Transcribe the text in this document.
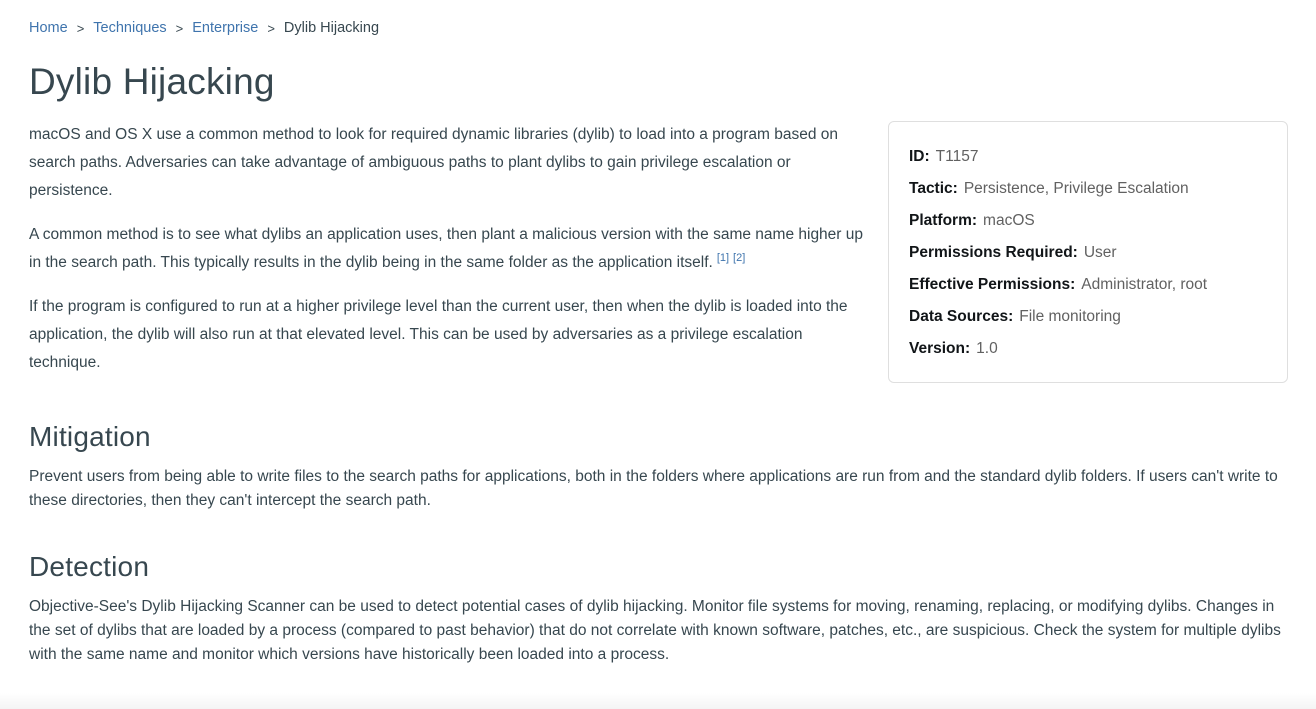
Home > Techniques > Enterprise > Dylib Hijacking
Dylib Hijacking

macOS and OS X use a common method to look for required dynamic libraries (dylib) to load into a program based on search paths. Adversaries can take advantage of ambiguous paths to plant dylibs to gain privilege escalation or persistence.

A common method is to see what dylibs an application uses, then plant a malicious version with the same name higher up in the search path. This typically results in the dylib being in the same folder as the application itself. [1] [2]

If the program is configured to run at a higher privilege level than the current user, then when the dylib is loaded into the application, the dylib will also run at that elevated level. This can be used by adversaries as a privilege escalation technique.

ID: T1157
Tactic: Persistence, Privilege Escalation
Platform: macOS
Permissions Required: User
Effective Permissions: Administrator, root
Data Sources: File monitoring
Version: 1.0
Mitigation

Prevent users from being able to write files to the search paths for applications, both in the folders where applications are run from and the standard dylib folders. If users can't write to these directories, then they can't intercept the search path.

Detection

Objective-See's Dylib Hijacking Scanner can be used to detect potential cases of dylib hijacking. Monitor file systems for moving, renaming, replacing, or modifying dylibs. Changes in the set of dylibs that are loaded by a process (compared to past behavior) that do not correlate with known software, patches, etc., are suspicious. Check the system for multiple dylibs with the same name and monitor which versions have historically been loaded into a process.
